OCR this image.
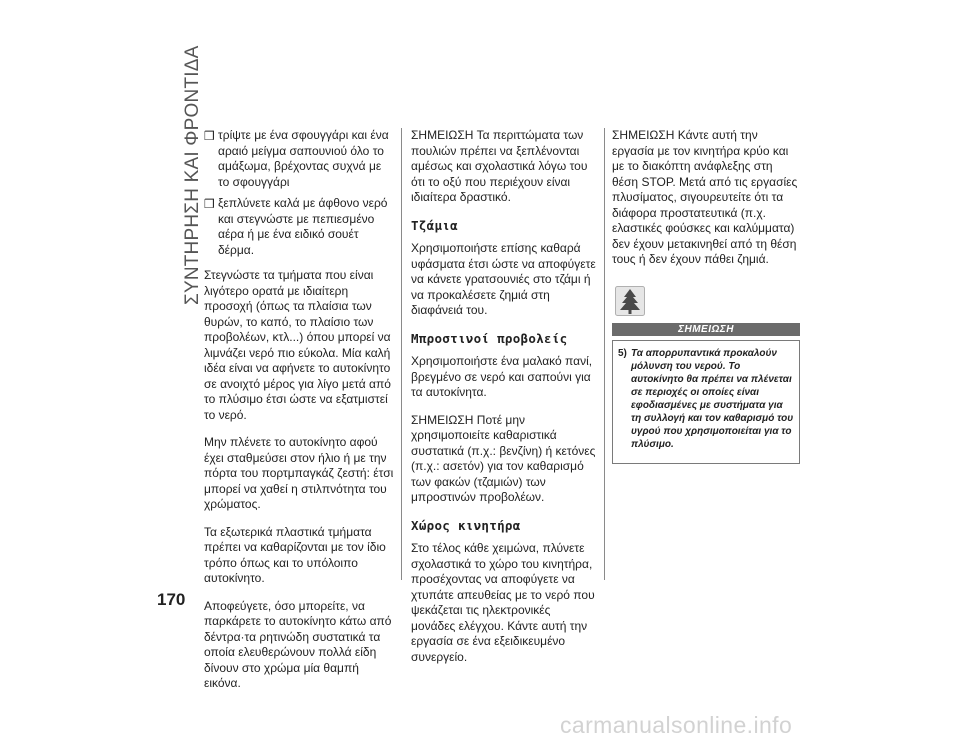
ΣΥΝΤΗΡΗΣΗ ΚΑΙ ΦΡΟΝΤΙΔΑ ❒ τρίψτε με ένα σφουγγάρι και ένα αραιό μείγμα σαπουνιού όλο το αμάξωμα, βρέχοντας συχνά με το σφουγγάρι
❒ ξεπλύνετε καλά με άφθονο νερό και στεγνώστε με πεπιεσμένο αέρα ή με ένα ειδικό σουέτ δέρμα.

Στεγνώστε τα τμήματα που είναι λιγότερο ορατά με ιδιαίτερη προσοχή (όπως τα πλαίσια των θυρών, το καπό, το πλαίσιο των προβολέων, κτλ...) όπου μπορεί να λιμνάζει νερό πιο εύκολα. Μία καλή ιδέα είναι να αφήνετε το αυτοκίνητο σε ανοιχτό μέρος για λίγο μετά από το πλύσιμο έτσι ώστε να εξατμιστεί το νερό.

Μην πλένετε το αυτοκίνητο αφού έχει σταθμεύσει στον ήλιο ή με την πόρτα του πορτμπαγκάζ ζεστή: έτσι μπορεί να χαθεί η στιλπνότητα του χρώματος.

Τα εξωτερικά πλαστικά τμήματα πρέπει να καθαρίζονται με τον ίδιο τρόπο όπως και το υπόλοιπο αυτοκίνητο.

Αποφεύγετε, όσο μπορείτε, να παρκάρετε το αυτοκίνητο κάτω από δέντρα·τα ρητινώδη συστατικά τα οποία ελευθερώνουν πολλά είδη δίνουν στο χρώμα μία θαμπή εικόνα.

ΣΗΜΕΙΩΣΗ Τα περιττώματα των πουλιών πρέπει να ξεπλένονται αμέσως και σχολαστικά λόγω του ότι το οξύ που περιέχουν είναι ιδιαίτερα δραστικό.

Τζάμια

Χρησιμοποιήστε επίσης καθαρά υφάσματα έτσι ώστε να αποφύγετε να κάνετε γρατσουνιές στο τζάμι ή να προκαλέσετε ζημιά στη διαφάνειά του.

Μπροστινοί προβολείς

Χρησιμοποιήστε ένα μαλακό πανί, βρεγμένο σε νερό και σαπούνι για τα αυτοκίνητα.

ΣΗΜΕΙΩΣΗ Ποτέ μην χρησιμοποιείτε καθαριστικά συστατικά (π.χ.: βενζίνη) ή κετόνες (π.χ.: ασετόν) για τον καθαρισμό των φακών (τζαμιών) των μπροστινών προβολέων.

Χώρος κινητήρα

Στο τέλος κάθε χειμώνα, πλύνετε σχολαστικά το χώρο του κινητήρα, προσέχοντας να αποφύγετε να χτυπάτε απευθείας με το νερό που ψεκάζεται τις ηλεκτρονικές μονάδες ελέγχου. Κάντε αυτή την εργασία σε ένα εξειδικευμένο συνεργείο.

ΣΗΜΕΙΩΣΗ Κάντε αυτή την εργασία με τον κινητήρα κρύο και με το διακόπτη ανάφλεξης στη θέση STOP. Μετά από τις εργασίες πλυσίματος, σιγουρευτείτε ότι τα διάφορα προστατευτικά (π.χ. ελαστικές φούσκες και καλύμματα) δεν έχουν μετακινηθεί από τη θέση τους ή δεν έχουν πάθει ζημιά.

ΣΗΜΕΙΩΣΗ
5) Τα απορρυπαντικά προκαλούν μόλυνση του νερού. Το αυτοκίνητο θα πρέπει να πλένεται σε περιοχές οι οποίες είναι εφοδιασμένες με συστήματα για τη συλλογή και τον καθαρισμό του υγρού που χρησιμοποιείται για το πλύσιμο.
170
carmanualsonline.info
